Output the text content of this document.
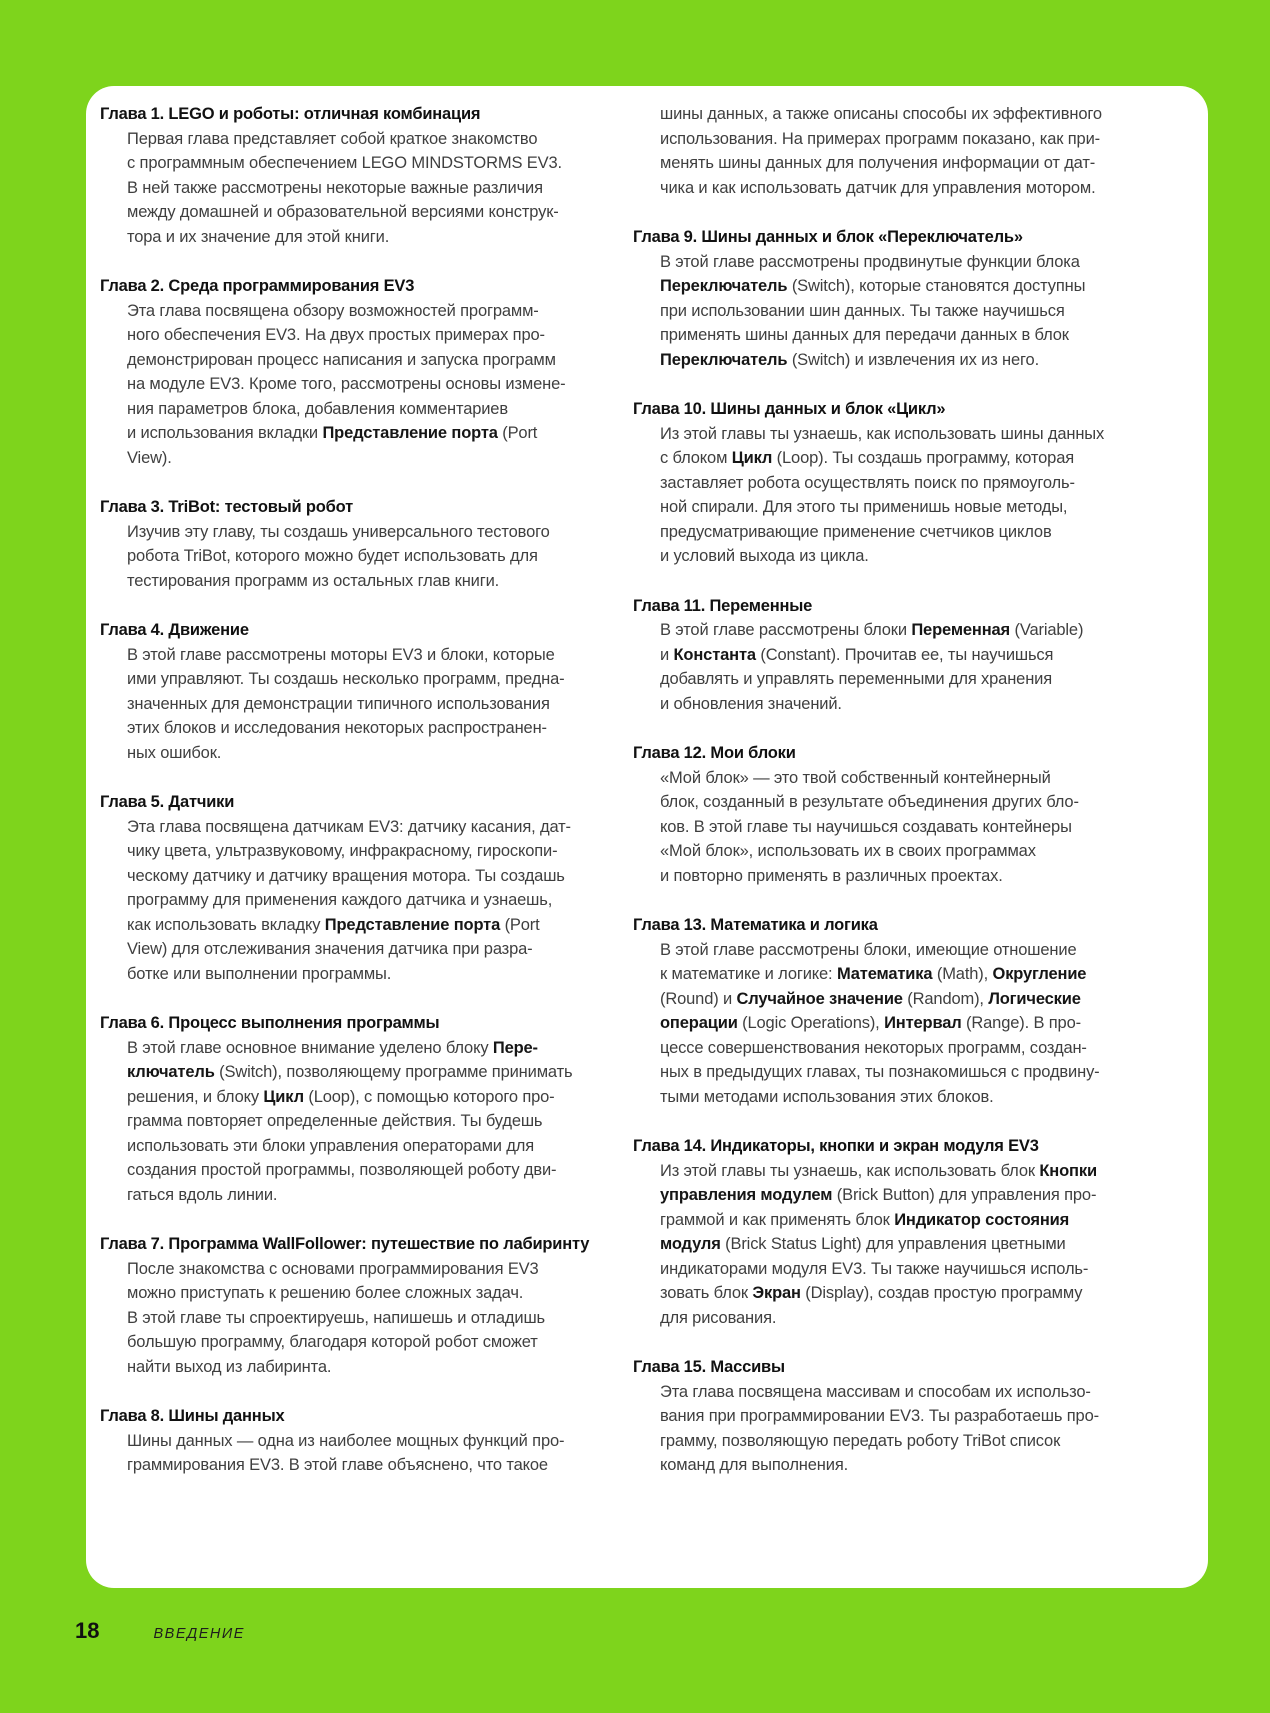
Глава 1. LEGO и роботы: отличная комбинация

Первая глава представляет собой краткое знакомство
с программным обеспечением LEGO MINDSTORMS EV3.
В ней также рассмотрены некоторые важные различия
между домашней и образовательной версиями конструк-
тора и их значение для этой книги.

Глава 2. Среда программирования EV3

Эта глава посвящена обзору возможностей программ-
ного обеспечения EV3. На двух простых примерах про-
демонстрирован процесс написания и запуска программ
на модуле EV3. Кроме того, рассмотрены основы измене-
ния параметров блока, добавления комментариев
и использования вкладки Представление порта (Port
View).

Глава 3. TriBot: тестовый робот

Изучив эту главу, ты создашь универсального тестового
робота TriBot, которого можно будет использовать для
тестирования программ из остальных глав книги.

Глава 4. Движение

В этой главе рассмотрены моторы EV3 и блоки, которые
ими управляют. Ты создашь несколько программ, предна-
значенных для демонстрации типичного использования
этих блоков и исследования некоторых распространен-
ных ошибок.

Глава 5. Датчики

Эта глава посвящена датчикам EV3: датчику касания, дат-
чику цвета, ультразвуковому, инфракрасному, гироскопи-
ческому датчику и датчику вращения мотора. Ты создашь
программу для применения каждого датчика и узнаешь,
как использовать вкладку Представление порта (Port
View) для отслеживания значения датчика при разра-
ботке или выполнении программы.

Глава 6. Процесс выполнения программы

В этой главе основное внимание уделено блоку Пере-
ключатель (Switch), позволяющему программе принимать
решения, и блоку Цикл (Loop), с помощью которого про-
грамма повторяет определенные действия. Ты будешь
использовать эти блоки управления операторами для
создания простой программы, позволяющей роботу дви-
гаться вдоль линии.

Глава 7. Программа WallFollower: путешествие по лабиринту

После знакомства с основами программирования EV3
можно приступать к решению более сложных задач.
В этой главе ты спроектируешь, напишешь и отладишь
большую программу, благодаря которой робот сможет
найти выход из лабиринта.

Глава 8. Шины данных

Шины данных — одна из наиболее мощных функций про-
граммирования EV3. В этой главе объяснено, что такое

шины данных, а также описаны способы их эффективного
использования. На примерах программ показано, как при-
менять шины данных для получения информации от дат-
чика и как использовать датчик для управления мотором.

Глава 9. Шины данных и блок «Переключатель»

В этой главе рассмотрены продвинутые функции блока
Переключатель (Switch), которые становятся доступны
при использовании шин данных. Ты также научишься
применять шины данных для передачи данных в блок
Переключатель (Switch) и извлечения их из него.

Глава 10. Шины данных и блок «Цикл»

Из этой главы ты узнаешь, как использовать шины данных
с блоком Цикл (Loop). Ты создашь программу, которая
заставляет робота осуществлять поиск по прямоуголь-
ной спирали. Для этого ты применишь новые методы,
предусматривающие применение счетчиков циклов
и условий выхода из цикла.

Глава 11. Переменные

В этой главе рассмотрены блоки Переменная (Variable)
и Константа (Constant). Прочитав ее, ты научишься
добавлять и управлять переменными для хранения
и обновления значений.

Глава 12. Мои блоки

«Мой блок» — это твой собственный контейнерный
блок, созданный в результате объединения других бло-
ков. В этой главе ты научишься создавать контейнеры
«Мой блок», использовать их в своих программах
и повторно применять в различных проектах.

Глава 13. Математика и логика

В этой главе рассмотрены блоки, имеющие отношение
к математике и логике: Математика (Math), Округление
(Round) и Случайное значение (Random), Логические
операции (Logic Operations), Интервал (Range). В про-
цессе совершенствования некоторых программ, создан-
ных в предыдущих главах, ты познакомишься с продвину-
тыми методами использования этих блоков.

Глава 14. Индикаторы, кнопки и экран модуля EV3

Из этой главы ты узнаешь, как использовать блок Кнопки
управления модулем (Brick Button) для управления про-
граммой и как применять блок Индикатор состояния
модуля (Brick Status Light) для управления цветными
индикаторами модуля EV3. Ты также научишься исполь-
зовать блок Экран (Display), создав простую программу
для рисования.

Глава 15. Массивы

Эта глава посвящена массивам и способам их использо-
вания при программировании EV3. Ты разработаешь про-
грамму, позволяющую передать роботу TriBot список
команд для выполнения.

18	ВВЕДЕНИЕ
